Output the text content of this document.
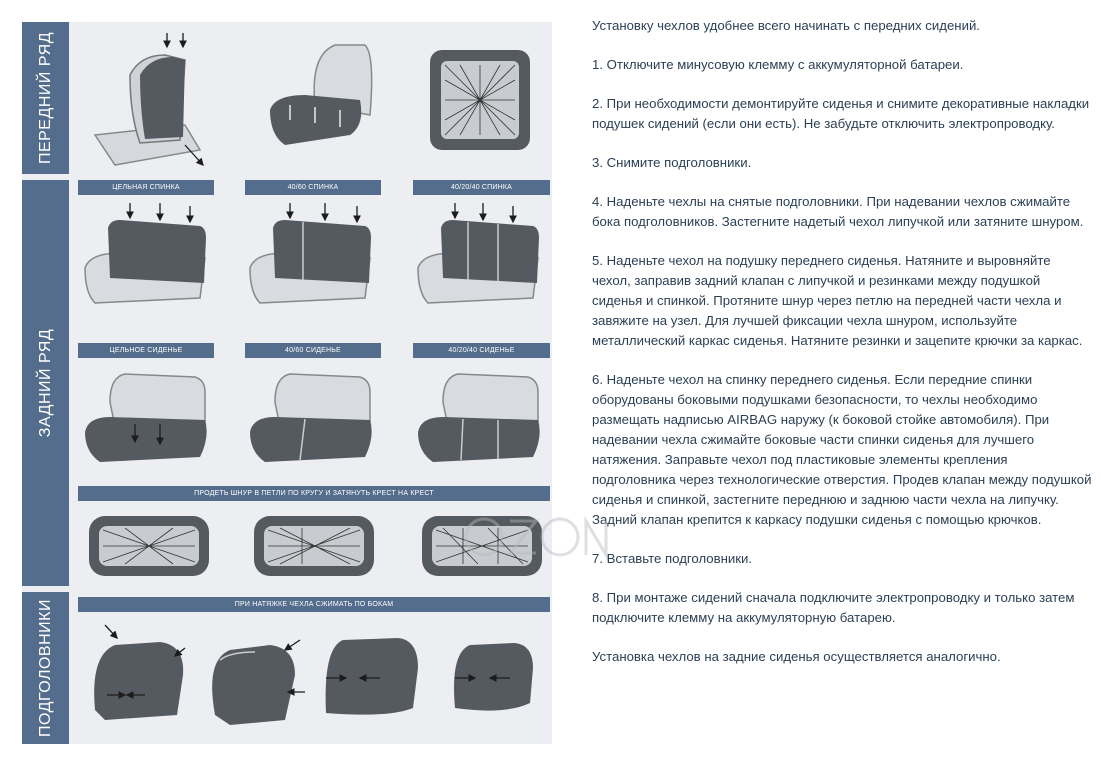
ПЕРЕДНИЙ РЯД
ЗАДНИЙ РЯД
ПОДГОЛОВНИКИ
ЦЕЛЬНАЯ СПИНКА	40/60 СПИНКА	40/20/40 СПИНКА
ЦЕЛЬНОЕ СИДЕНЬЕ	40/60 СИДЕНЬЕ	40/20/40 СИДЕНЬЕ
ПРОДЕТЬ ШНУР В ПЕТЛИ ПО КРУГУ И ЗАТЯНУТЬ КРЕСТ НА КРЕСТ
ПРИ НАТЯЖКЕ ЧЕХЛА СЖИМАТЬ ПО БОКАМ

Установку чехлов удобнее всего начинать с передних сидений.

1. Отключите минусовую клемму с аккумуляторной батареи.

2. При необходимости демонтируйте сиденья и снимите декоративные накладки подушек сидений (если они есть). Не забудьте отключить электропроводку.

3. Снимите подголовники.

4. Наденьте чехлы на снятые подголовники. При надевании чехлов сжимайте бока подголовников. Застегните надетый чехол липучкой или затяните шнуром.

5. Наденьте чехол на подушку переднего сиденья. Натяните и выровняйте чехол, заправив задний клапан с липучкой и резинками между подушкой сиденья и спинкой. Протяните шнур через петлю на передней части чехла и завяжите на узел. Для лучшей фиксации чехла шнуром, используйте металлический каркас сиденья. Натяните резинки и зацепите крючки за каркас.

6. Наденьте чехол на спинку переднего сиденья. Если передние спинки оборудованы боковыми подушками безопасности, то чехлы необходимо размещать надписью AIRBAG наружу (к боковой стойке автомобиля). При надевании чехла сжимайте боковые части спинки сиденья для лучшего натяжения. Заправьте чехол под пластиковые элементы крепления подголовника через технологические отверстия. Продев клапан между подушкой сиденья и спинкой, застегните переднюю и заднюю части чехла на липучку. Задний клапан крепится к каркасу подушки сиденья с помощью крючков.

7. Вставьте подголовники.

8. При монтаже сидений сначала подключите электропроводку и только затем подключите клемму на аккумуляторную батарею.

Установка чехлов на задние сиденья осуществляется аналогично.
